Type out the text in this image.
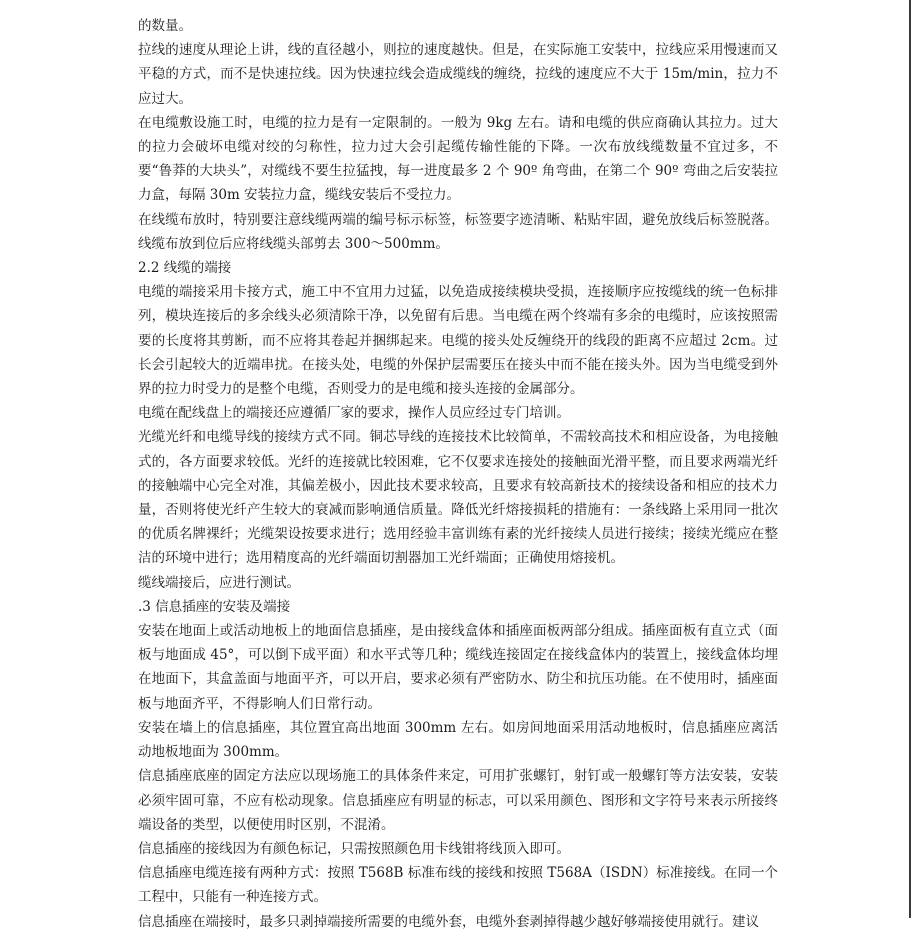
的数量。

拉线的速度从理论上讲，线的直径越小，则拉的速度越快。但是，在实际施工安装中，拉线应采用慢速而又平稳的方式，而不是快速拉线。因为快速拉线会造成缆线的缠绕，拉线的速度应不大于 15m/min，拉力不应过大。

在电缆敷设施工时，电缆的拉力是有一定限制的。一般为 9kg 左右。请和电缆的供应商确认其拉力。过大的拉力会破坏电缆对绞的匀称性，拉力过大会引起缆传输性能的下降。一次布放线缆数量不宜过多，不要“鲁莽的大块头”，对缆线不要生拉猛拽，每一进度最多 2 个 90º 角弯曲，在第二个 90º 弯曲之后安装拉力盒，每隔 30m 安装拉力盒，缆线安装后不受拉力。

在线缆布放时，特别要注意线缆两端的编号标示标签，标签要字迹清晰、粘贴牢固，避免放线后标签脱落。线缆布放到位后应将线缆头部剪去 300～500mm。

2.2 线缆的端接

电缆的端接采用卡接方式，施工中不宜用力过猛，以免造成接续模块受损，连接顺序应按缆线的统一色标排列，模块连接后的多余线头必须清除干净，以免留有后患。当电缆在两个终端有多余的电缆时，应该按照需要的长度将其剪断，而不应将其卷起并捆绑起来。电缆的接头处反缠绕开的线段的距离不应超过 2cm。过长会引起较大的近端串扰。在接头处，电缆的外保护层需要压在接头中而不能在接头外。因为当电缆受到外界的拉力时受力的是整个电缆，否则受力的是电缆和接头连接的金属部分。

电缆在配线盘上的端接还应遵循厂家的要求，操作人员应经过专门培训。

光缆光纤和电缆导线的接续方式不同。铜芯导线的连接技术比较简单，不需较高技术和相应设备，为电接触式的，各方面要求较低。光纤的连接就比较困难，它不仅要求连接处的接触面光滑平整，而且要求两端光纤的接触端中心完全对准，其偏差极小，因此技术要求较高，且要求有较高新技术的接续设备和相应的技术力量，否则将使光纤产生较大的衰减而影响通信质量。降低光纤熔接损耗的措施有：一条线路上采用同一批次的优质名牌裸纤；光缆架设按要求进行；选用经验丰富训练有素的光纤接续人员进行接续；接续光缆应在整洁的环境中进行；选用精度高的光纤端面切割器加工光纤端面；正确使用熔接机。

缆线端接后，应进行测试。

.3 信息插座的安装及端接

安装在地面上或活动地板上的地面信息插座，是由接线盒体和插座面板两部分组成。插座面板有直立式（面板与地面成 45°，可以倒下成平面）和水平式等几种；缆线连接固定在接线盒体内的装置上，接线盒体均埋在地面下，其盒盖面与地面平齐，可以开启，要求必须有严密防水、防尘和抗压功能。在不使用时，插座面板与地面齐平，不得影响人们日常行动。

安装在墙上的信息插座，其位置宜高出地面 300mm 左右。如房间地面采用活动地板时，信息插座应离活动地板地面为 300mm。

信息插座底座的固定方法应以现场施工的具体条件来定，可用扩张螺钉，射钉或一般螺钉等方法安装，安装必须牢固可靠，不应有松动现象。信息插座应有明显的标志，可以采用颜色、图形和文字符号来表示所接终端设备的类型，以便使用时区别，不混淆。

信息插座的接线因为有颜色标记，只需按照颜色用卡线钳将线顶入即可。

信息插座电缆连接有两种方式：按照 T568B 标准布线的接线和按照 T568A（ISDN）标准接线。在同一个工程中，只能有一种连接方式。

信息插座在端接时，最多只剥掉端接所需要的电缆外套，电缆外套剥掉得越少越好够端接使用就行。建议
